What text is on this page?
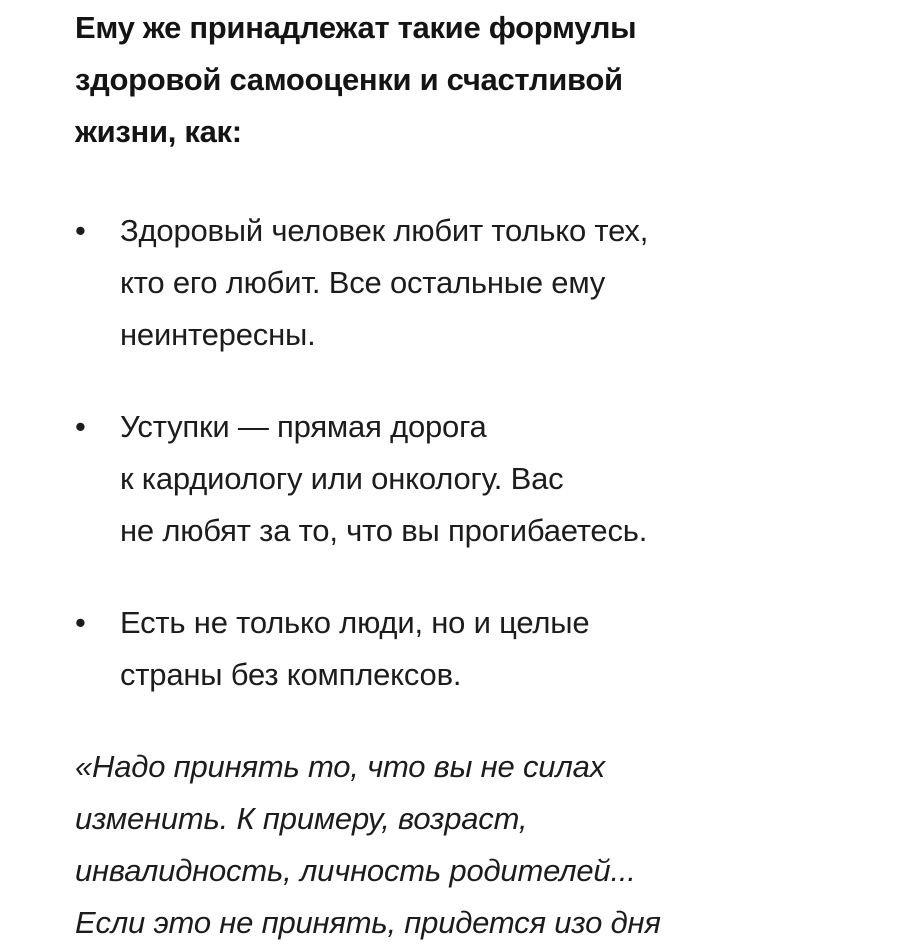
Ему же принадлежат такие формулы
здоровой самооценки и счастливой
жизни, как:

•	Здоровый человек любит только тех,
кто его любит. Все остальные ему
неинтересны.
•	Уступки — прямая дорога
к кардиологу или онкологу. Вас
не любят за то, что вы прогибаетесь.
•	Есть не только люди, но и целые
страны без комплексов.

«Надо принять то, что вы не силах
изменить. К примеру, возраст,
инвалидность, личность родителей...
Если это не принять, придется изо дня
